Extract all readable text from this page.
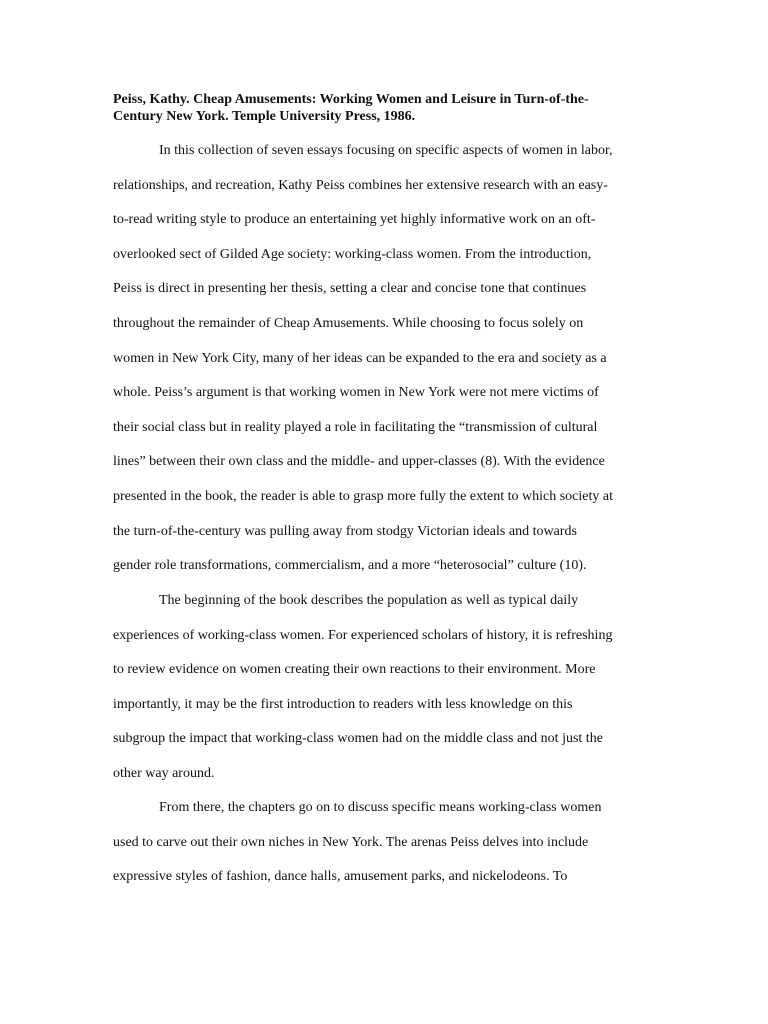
Peiss, Kathy. Cheap Amusements: Working Women and Leisure in Turn-of-the-
Century New York. Temple University Press, 1986.

In this collection of seven essays focusing on specific aspects of women in labor,
relationships, and recreation, Kathy Peiss combines her extensive research with an easy-
to-read writing style to produce an entertaining yet highly informative work on an oft-
overlooked sect of Gilded Age society: working-class women. From the introduction,
Peiss is direct in presenting her thesis, setting a clear and concise tone that continues
throughout the remainder of Cheap Amusements. While choosing to focus solely on
women in New York City, many of her ideas can be expanded to the era and society as a
whole. Peiss’s argument is that working women in New York were not mere victims of
their social class but in reality played a role in facilitating the “transmission of cultural
lines” between their own class and the middle- and upper-classes (8). With the evidence
presented in the book, the reader is able to grasp more fully the extent to which society at
the turn-of-the-century was pulling away from stodgy Victorian ideals and towards
gender role transformations, commercialism, and a more “heterosocial” culture (10).

The beginning of the book describes the population as well as typical daily
experiences of working-class women. For experienced scholars of history, it is refreshing
to review evidence on women creating their own reactions to their environment. More
importantly, it may be the first introduction to readers with less knowledge on this
subgroup the impact that working-class women had on the middle class and not just the
other way around.

From there, the chapters go on to discuss specific means working-class women
used to carve out their own niches in New York. The arenas Peiss delves into include
expressive styles of fashion, dance halls, amusement parks, and nickelodeons. To
